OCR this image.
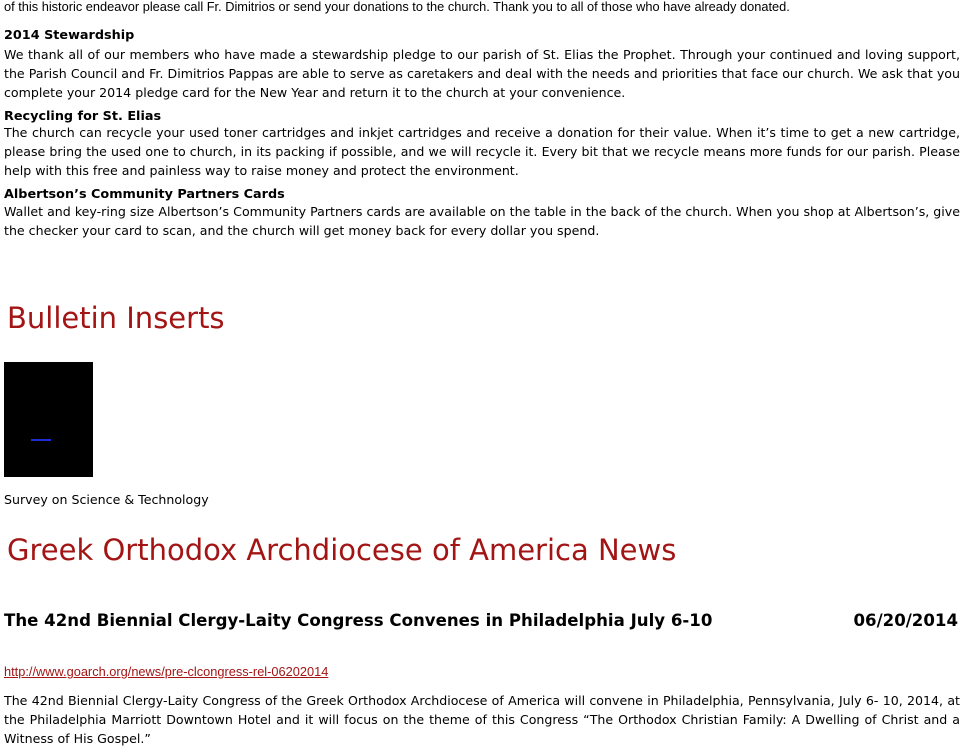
of this historic endeavor please call Fr. Dimitrios or send your donations to the church. Thank you to all of those who have already donated.

2014 Stewardship

We thank all of our members who have made a stewardship pledge to our parish of St. Elias the Prophet. Through your continued and loving support, the Parish Council and Fr. Dimitrios Pappas are able to serve as caretakers and deal with the needs and priorities that face our church. We ask that you complete your 2014 pledge card for the New Year and return it to the church at your convenience.

Recycling for St. Elias

The church can recycle your used toner cartridges and inkjet cartridges and receive a donation for their value. When it’s time to get a new cartridge, please bring the used one to church, in its packing if possible, and we will recycle it. Every bit that we recycle means more funds for our parish. Please help with this free and painless way to raise money and protect the environment.

Albertson’s Community Partners Cards

Wallet and key-ring size Albertson’s Community Partners cards are available on the table in the back of the church. When you shop at Albertson’s, give the checker your card to scan, and the church will get money back for every dollar you spend.

Bulletin Inserts

Survey on Science & Technology

Greek Orthodox Archdiocese of America News

The 42nd Biennial Clergy-Laity Congress Convenes in Philadelphia July 6-10	06/20/2014
http://www.goarch.org/news/pre-clcongress-rel-06202014

The 42nd Biennial Clergy-Laity Congress of the Greek Orthodox Archdiocese of America will convene in Philadelphia, Pennsylvania, July 6- 10, 2014, at the Philadelphia Marriott Downtown Hotel and it will focus on the theme of this Congress “The Orthodox Christian Family: A Dwelling of Christ and a Witness of His Gospel.”
